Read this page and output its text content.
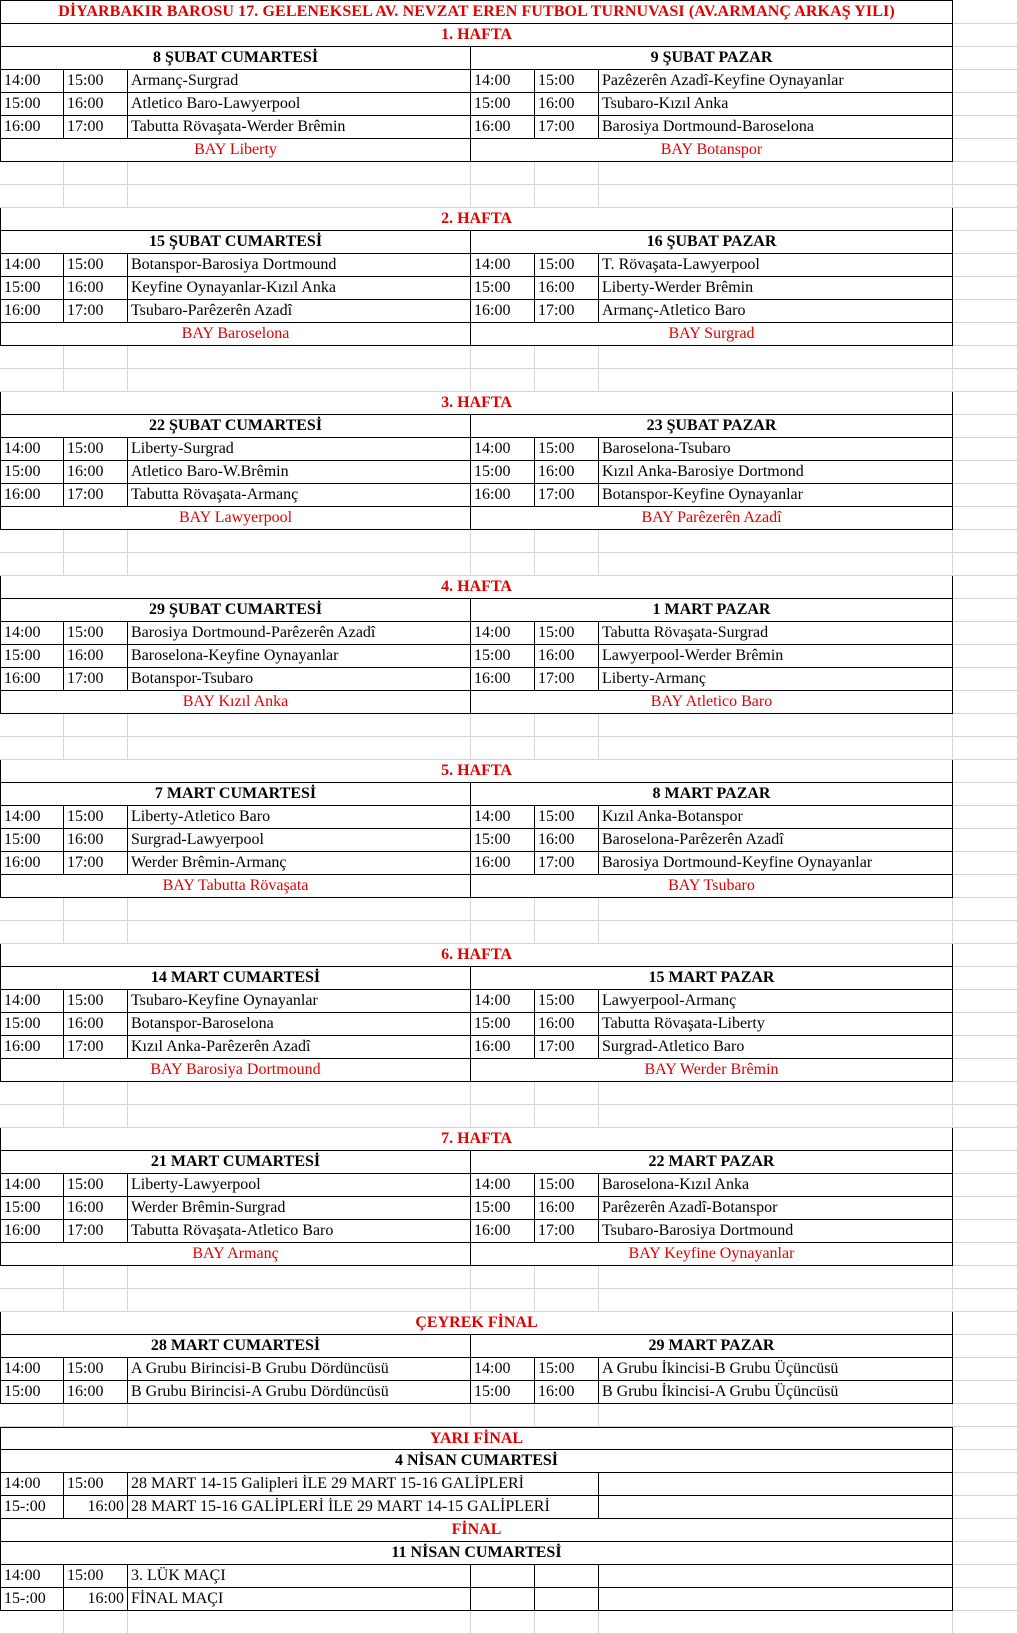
DİYARBAKIR BAROSU 17. GELENEKSEL AV. NEVZAT EREN FUTBOL TURNUVASI (AV.ARMANÇ ARKAŞ YILI)
1. HAFTA
8 ŞUBAT CUMARTESİ	9 ŞUBAT PAZAR
14:00	15:00	Armanç-Surgrad	14:00	15:00	Pazêzerên Azadî-Keyfine Oynayanlar
15:00	16:00	Atletico Baro-Lawyerpool	15:00	16:00	Tsubaro-Kızıl Anka
16:00	17:00	Tabutta Rövaşata-Werder Brêmin	16:00	17:00	Barosiya Dortmound-Baroselona
BAY Liberty	BAY Botanspor
2. HAFTA
15 ŞUBAT CUMARTESİ	16 ŞUBAT PAZAR
14:00	15:00	Botanspor-Barosiya Dortmound	14:00	15:00	T. Rövaşata-Lawyerpool
15:00	16:00	Keyfine Oynayanlar-Kızıl Anka	15:00	16:00	Liberty-Werder Brêmin
16:00	17:00	Tsubaro-Parêzerên Azadî	16:00	17:00	Armanç-Atletico Baro
BAY Baroselona	BAY Surgrad
3. HAFTA
22 ŞUBAT CUMARTESİ	23 ŞUBAT PAZAR
14:00	15:00	Liberty-Surgrad	14:00	15:00	Baroselona-Tsubaro
15:00	16:00	Atletico Baro-W.Brêmin	15:00	16:00	Kızıl Anka-Barosiye Dortmond
16:00	17:00	Tabutta Rövaşata-Armanç	16:00	17:00	Botanspor-Keyfine Oynayanlar
BAY Lawyerpool	BAY Parêzerên Azadî
4. HAFTA
29 ŞUBAT CUMARTESİ	1 MART PAZAR
14:00	15:00	Barosiya Dortmound-Parêzerên Azadî	14:00	15:00	Tabutta Rövaşata-Surgrad
15:00	16:00	Baroselona-Keyfine Oynayanlar	15:00	16:00	Lawyerpool-Werder Brêmin
16:00	17:00	Botanspor-Tsubaro	16:00	17:00	Liberty-Armanç
BAY Kızıl Anka	BAY Atletico Baro
5. HAFTA
7 MART CUMARTESİ	8 MART PAZAR
14:00	15:00	Liberty-Atletico Baro	14:00	15:00	Kızıl Anka-Botanspor
15:00	16:00	Surgrad-Lawyerpool	15:00	16:00	Baroselona-Parêzerên Azadî
16:00	17:00	Werder Brêmin-Armanç	16:00	17:00	Barosiya Dortmound-Keyfine Oynayanlar
BAY Tabutta Rövaşata	BAY Tsubaro
6. HAFTA
14 MART CUMARTESİ	15 MART PAZAR
14:00	15:00	Tsubaro-Keyfine Oynayanlar	14:00	15:00	Lawyerpool-Armanç
15:00	16:00	Botanspor-Baroselona	15:00	16:00	Tabutta Rövaşata-Liberty
16:00	17:00	Kızıl Anka-Parêzerên Azadî	16:00	17:00	Surgrad-Atletico Baro
BAY Barosiya Dortmound	BAY Werder Brêmin
7. HAFTA
21 MART CUMARTESİ	22 MART PAZAR
14:00	15:00	Liberty-Lawyerpool	14:00	15:00	Baroselona-Kızıl Anka
15:00	16:00	Werder Brêmin-Surgrad	15:00	16:00	Parêzerên Azadî-Botanspor
16:00	17:00	Tabutta Rövaşata-Atletico Baro	16:00	17:00	Tsubaro-Barosiya Dortmound
BAY Armanç	BAY Keyfine Oynayanlar
ÇEYREK FİNAL
28 MART CUMARTESİ	29 MART PAZAR
14:00	15:00	A Grubu Birincisi-B Grubu Dördüncüsü	14:00	15:00	A Grubu İkincisi-B Grubu Üçüncüsü
15:00	16:00	B Grubu Birincisi-A Grubu Dördüncüsü	15:00	16:00	B Grubu İkincisi-A Grubu Üçüncüsü
YARI FİNAL
4 NİSAN CUMARTESİ
14:00	15:00	28 MART 14-15 Galipleri İLE 29 MART 15-16 GALİPLERİ
15-:00	16:00 28 MART 15-16 GALİPLERİ İLE 29 MART 14-15 GALİPLERİ
FİNAL
11 NİSAN CUMARTESİ
14:00	15:00	3. LÜK MAÇI
15-:00	16:00 FİNAL MAÇI
